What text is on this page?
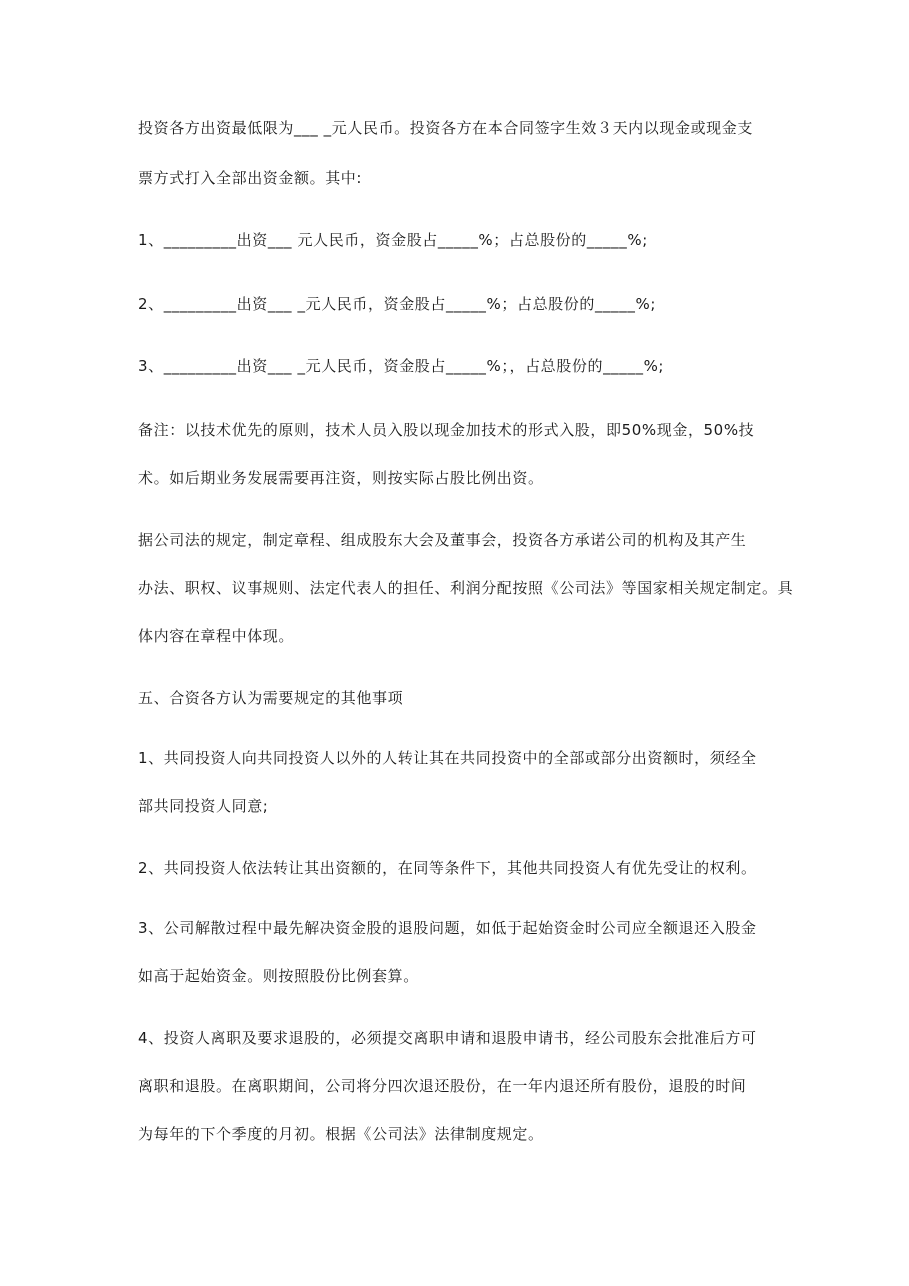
投资各方出资最低限为___ _元人民币。投资各方在本合同签字生效３天内以现金或现金支
票方式打入全部出资金额。其中:
1、_________出资___ 元人民币，资金股占_____%；占总股份的_____%;
2、_________出资___ _元人民币，资金股占_____%；占总股份的_____%;
3、_________出资___ _元人民币，资金股占_____%；，占总股份的_____%;
备注：以技术优先的原则，技术人员入股以现金加技术的形式入股，即50%现金，50%技
术。如后期业务发展需要再注资，则按实际占股比例出资。
据公司法的规定，制定章程、组成股东大会及董事会，投资各方承诺公司的机构及其产生
办法、职权、议事规则、法定代表人的担任、利润分配按照《公司法》等国家相关规定制定。具
体内容在章程中体现。
五、合资各方认为需要规定的其他事项
1、共同投资人向共同投资人以外的人转让其在共同投资中的全部或部分出资额时，须经全
部共同投资人同意;
2、共同投资人依法转让其出资额的，在同等条件下，其他共同投资人有优先受让的权利。
3、公司解散过程中最先解决资金股的退股问题，如低于起始资金时公司应全额退还入股金
如高于起始资金。则按照股份比例套算。
4、投资人离职及要求退股的，必须提交离职申请和退股申请书，经公司股东会批准后方可
离职和退股。在离职期间，公司将分四次退还股份，在一年内退还所有股份，退股的时间
为每年的下个季度的月初。根据《公司法》法律制度规定。
